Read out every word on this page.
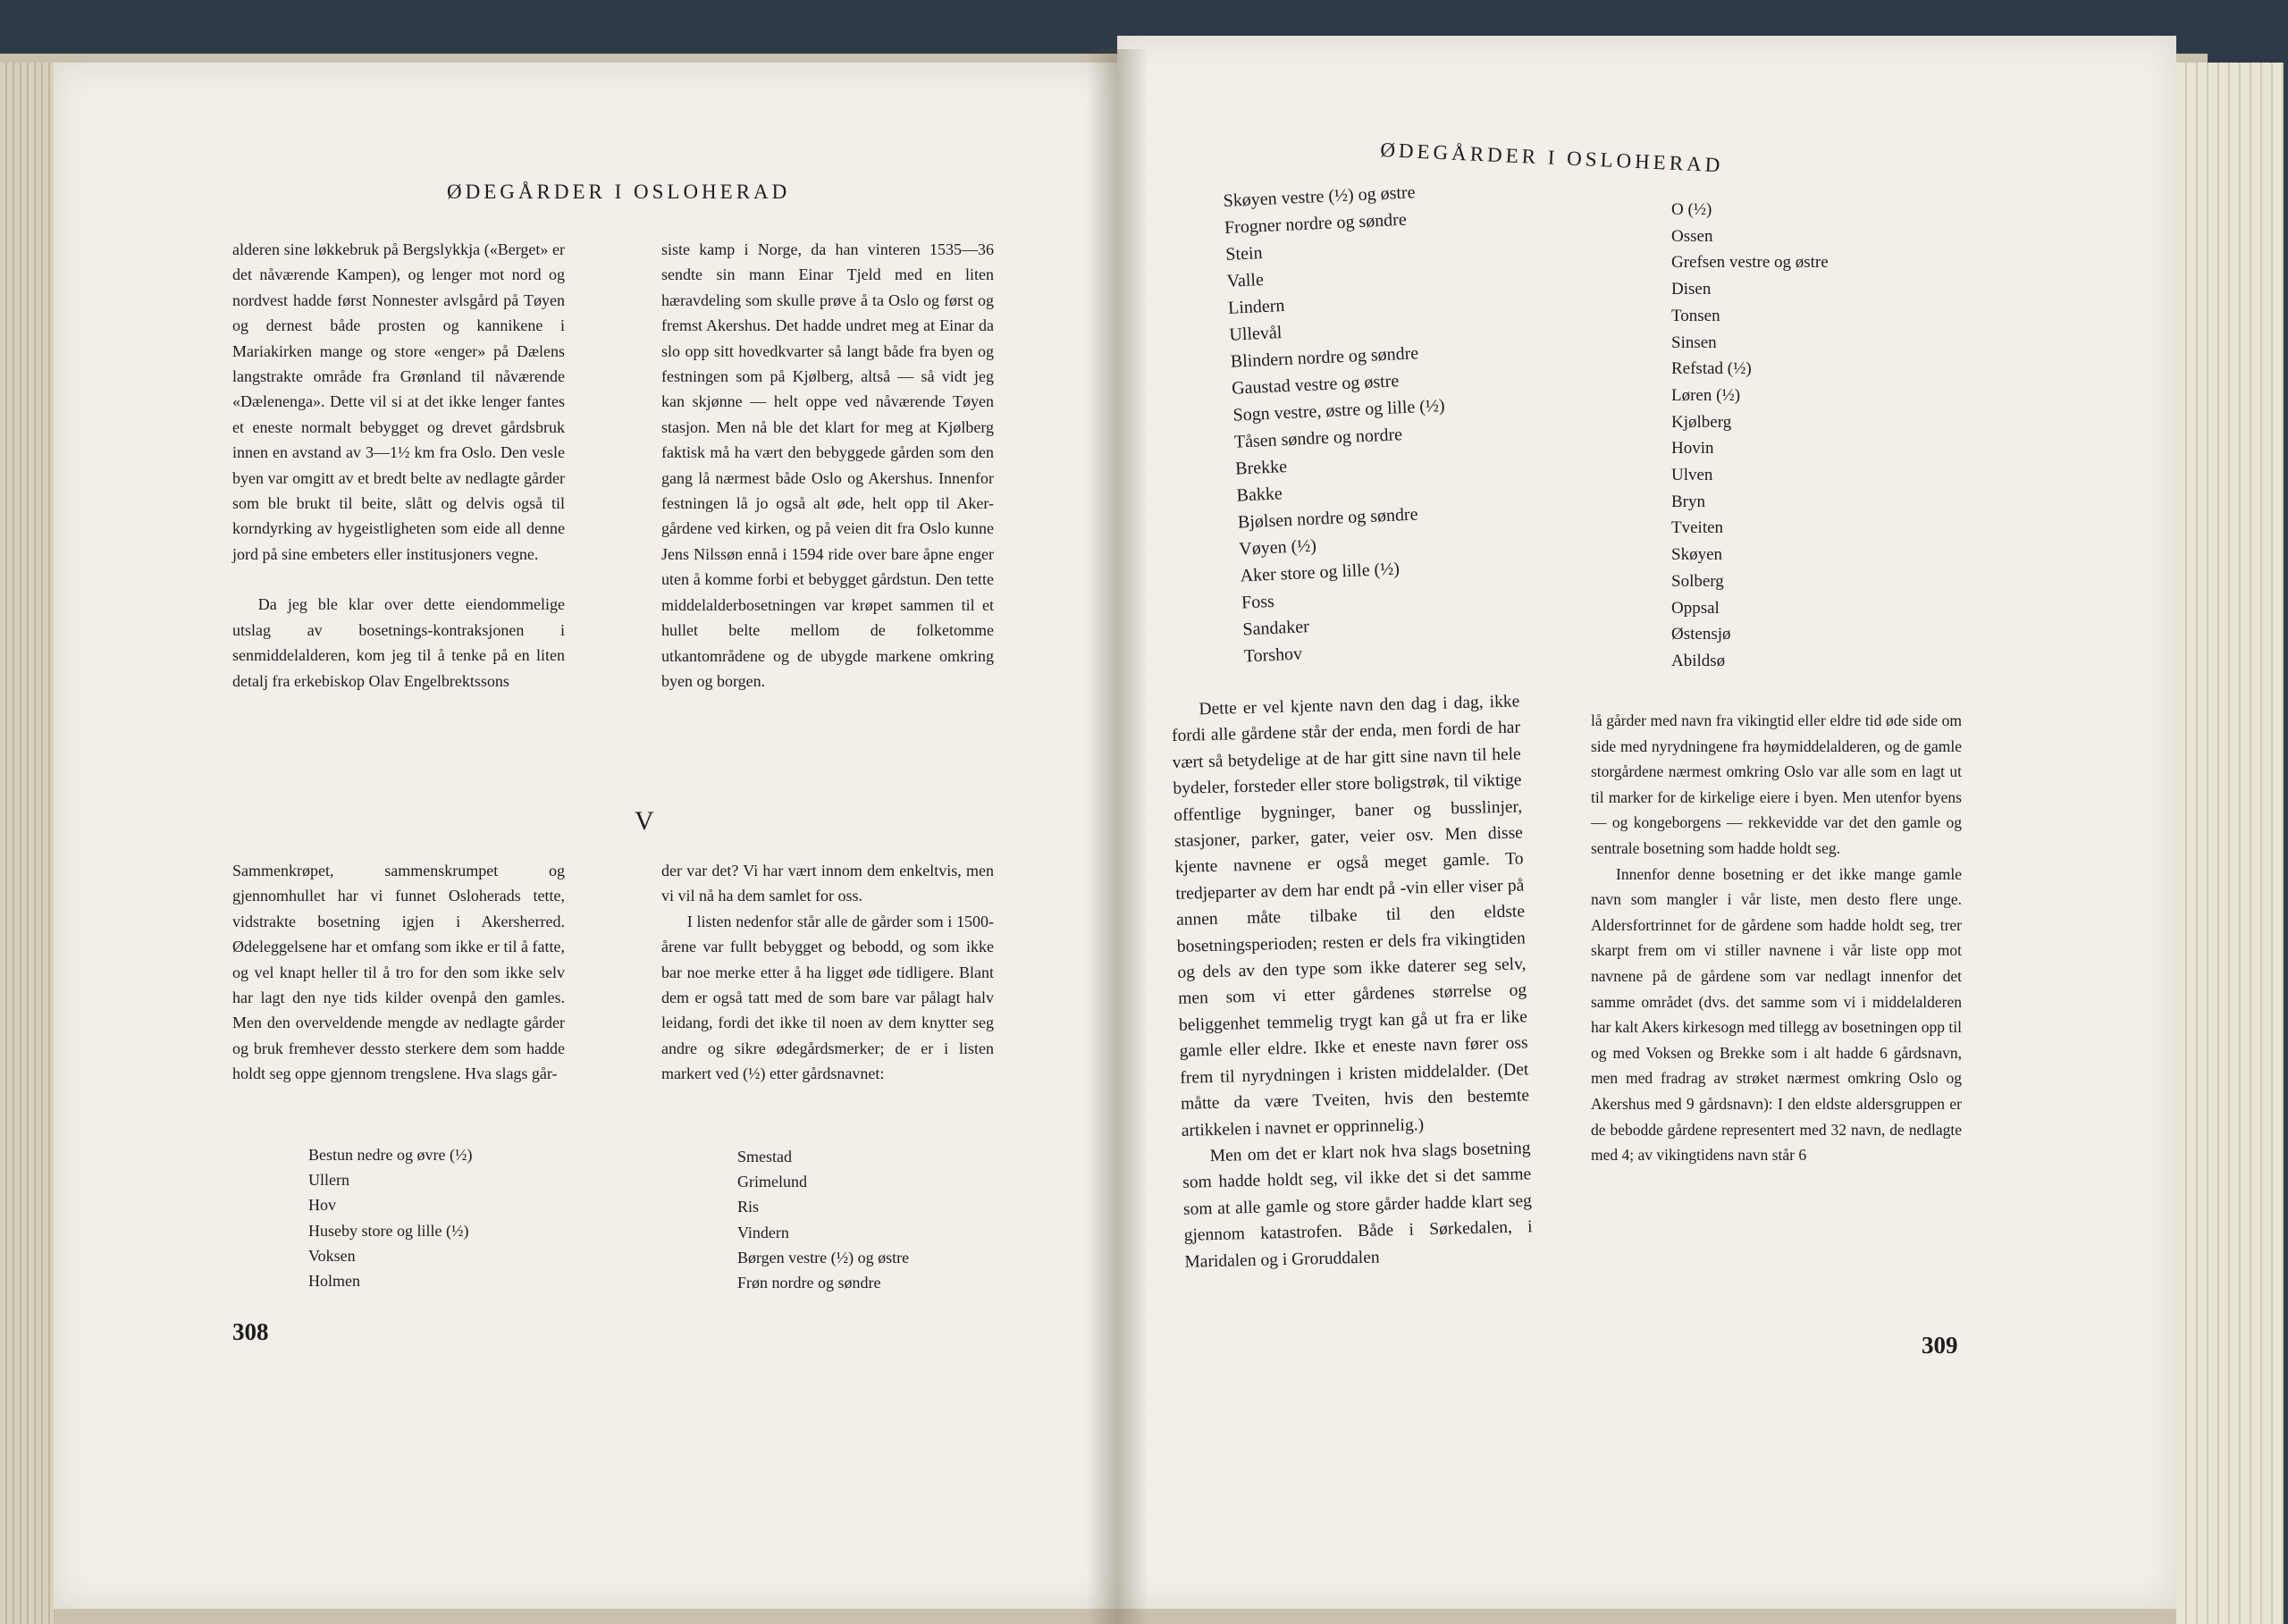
ØDEGÅRDER I OSLOHERAD

alderen sine løkkebruk på Bergslykkja («Berget» er det nåværende Kampen), og lenger mot nord og nordvest hadde først Nonnester avlsgård på Tøyen og dernest både prosten og kannikene i Mariakirken mange og store «enger» på Dælens langstrakte område fra Grønland til nåværende «Dælenenga». Dette vil si at det ikke lenger fantes et eneste normalt bebygget og drevet gårdsbruk innen en avstand av 3—1½ km fra Oslo. Den vesle byen var omgitt av et bredt belte av nedlagte gårder som ble brukt til beite, slått og delvis også til korndyrking av hygeistligheten som eide all denne jord på sine embeters eller institusjoners vegne.

Da jeg ble klar over dette eiendommelige utslag av bosetnings-kontraksjonen i senmiddelalderen, kom jeg til å tenke på en liten detalj fra erkebiskop Olav Engelbrektssons

siste kamp i Norge, da han vinteren 1535—36 sendte sin mann Einar Tjeld med en liten hæravdeling som skulle prøve å ta Oslo og først og fremst Akershus. Det hadde undret meg at Einar da slo opp sitt hovedkvarter så langt både fra byen og festningen som på Kjølberg, altså — så vidt jeg kan skjønne — helt oppe ved nåværende Tøyen stasjon. Men nå ble det klart for meg at Kjølberg faktisk må ha vært den bebyggede gården som den gang lå nærmest både Oslo og Akershus. Innenfor festningen lå jo også alt øde, helt opp til Aker-gårdene ved kirken, og på veien dit fra Oslo kunne Jens Nilssøn ennå i 1594 ride over bare åpne enger uten å komme forbi et bebygget gårdstun. Den tette middelalderbosetningen var krøpet sammen til et hullet belte mellom de folketomme utkantområdene og de ubygde markene omkring byen og borgen.

V

Sammenkrøpet, sammenskrumpet og gjennomhullet har vi funnet Osloherads tette, vidstrakte bosetning igjen i Akersherred. Ødeleggelsene har et omfang som ikke er til å fatte, og vel knapt heller til å tro for den som ikke selv har lagt den nye tids kilder ovenpå den gamles. Men den overveldende mengde av nedlagte gårder og bruk fremhever dessto sterkere dem som hadde holdt seg oppe gjennom trengslene. Hva slags går-

der var det? Vi har vært innom dem enkeltvis, men vi vil nå ha dem samlet for oss.

I listen nedenfor står alle de gårder som i 1500-årene var fullt bebygget og bebodd, og som ikke bar noe merke etter å ha ligget øde tidligere. Blant dem er også tatt med de som bare var pålagt halv leidang, fordi det ikke til noen av dem knytter seg andre og sikre ødegårdsmerker; de er i listen markert ved (½) etter gårdsnavnet:

Bestun nedre og øvre (½)
Ullern
Hov
Huseby store og lille (½)
Voksen
Holmen
Smestad
Grimelund
Ris
Vindern
Børgen vestre (½) og østre
Frøn nordre og søndre
308
ØDEGÅRDER I OSLOHERAD
Skøyen vestre (½) og østre
Frogner nordre og søndre
Stein
Valle
Lindern
Ullevål
Blindern nordre og søndre
Gaustad vestre og østre
Sogn vestre, østre og lille (½)
Tåsen søndre og nordre
Brekke
Bakke
Bjølsen nordre og søndre
Vøyen (½)
Aker store og lille (½)
Foss
Sandaker
Torshov
O (½)
Ossen
Grefsen vestre og østre
Disen
Tonsen
Sinsen
Refstad (½)
Løren (½)
Kjølberg
Hovin
Ulven
Bryn
Tveiten
Skøyen
Solberg
Oppsal
Østensjø
Abildsø

Dette er vel kjente navn den dag i dag, ikke fordi alle gårdene står der enda, men fordi de har vært så betydelige at de har gitt sine navn til hele bydeler, forsteder eller store boligstrøk, til viktige offentlige bygninger, baner og busslinjer, stasjoner, parker, gater, veier osv. Men disse kjente navnene er også meget gamle. To tredjeparter av dem har endt på -vin eller viser på annen måte tilbake til den eldste bosetningsperioden; resten er dels fra vikingtiden og dels av den type som ikke daterer seg selv, men som vi etter gårdenes størrelse og beliggenhet temmelig trygt kan gå ut fra er like gamle eller eldre. Ikke et eneste navn fører oss frem til nyrydningen i kristen middelalder. (Det måtte da være Tveiten, hvis den bestemte artikkelen i navnet er opprinnelig.)

Men om det er klart nok hva slags bosetning som hadde holdt seg, vil ikke det si det samme som at alle gamle og store gårder hadde klart seg gjennom katastrofen. Både i Sørkedalen, i Maridalen og i Groruddalen

lå gårder med navn fra vikingtid eller eldre tid øde side om side med nyrydningene fra høymiddelalderen, og de gamle storgårdene nærmest omkring Oslo var alle som en lagt ut til marker for de kirkelige eiere i byen. Men utenfor byens — og kongeborgens — rekkevidde var det den gamle og sentrale bosetning som hadde holdt seg.

Innenfor denne bosetning er det ikke mange gamle navn som mangler i vår liste, men desto flere unge. Aldersfortrinnet for de gårdene som hadde holdt seg, trer skarpt frem om vi stiller navnene i vår liste opp mot navnene på de gårdene som var nedlagt innenfor det samme området (dvs. det samme som vi i middelalderen har kalt Akers kirkesogn med tillegg av bosetningen opp til og med Voksen og Brekke som i alt hadde 6 gårdsnavn, men med fradrag av strøket nærmest omkring Oslo og Akershus med 9 gårdsnavn): I den eldste aldersgruppen er de bebodde gårdene representert med 32 navn, de nedlagte med 4; av vikingtidens navn står 6

309
